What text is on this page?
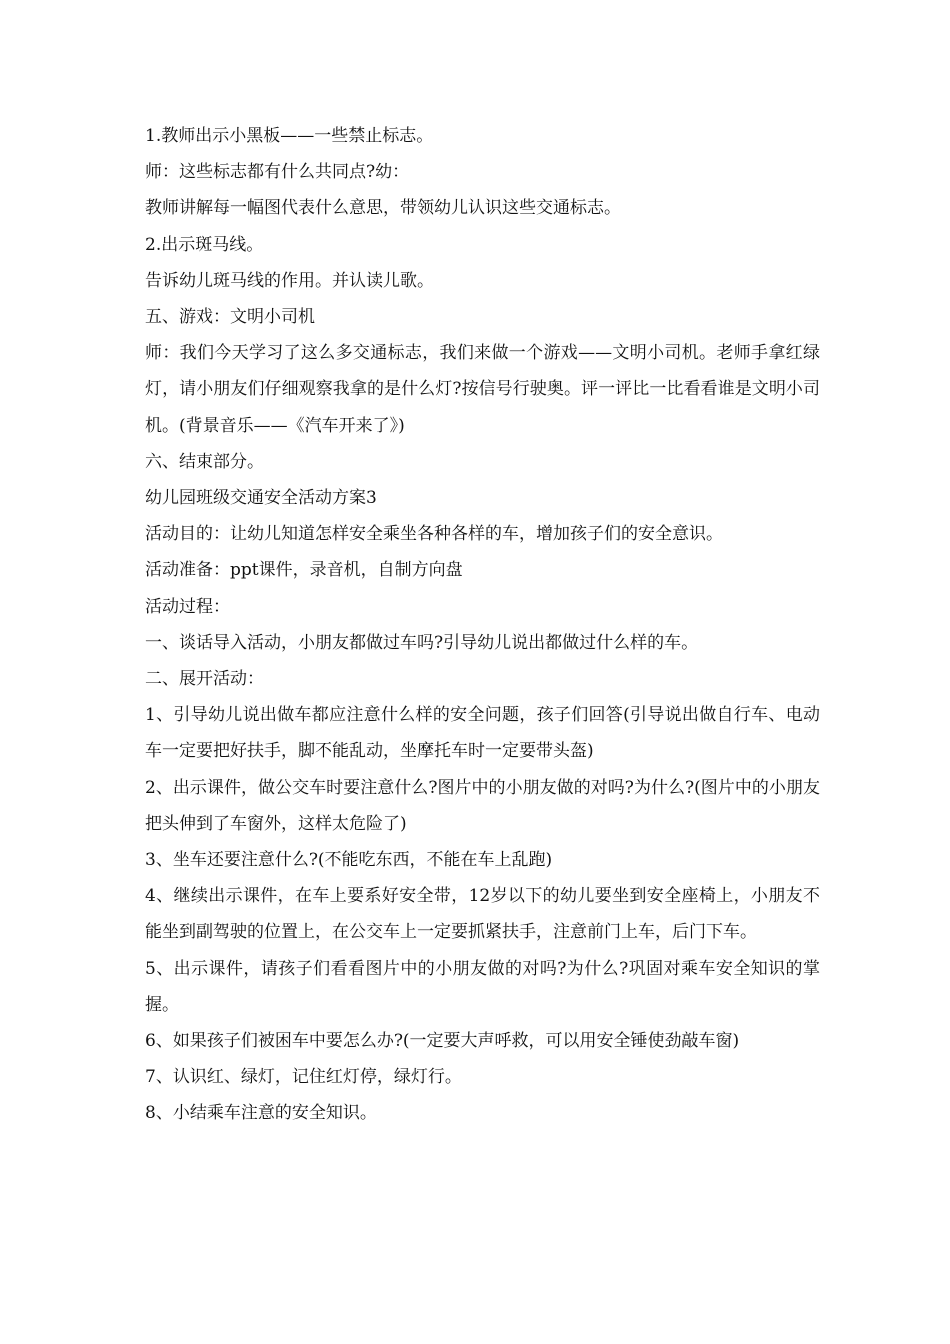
1.教师出示小黑板——一些禁止标志。

师：这些标志都有什么共同点?幼：

教师讲解每一幅图代表什么意思，带领幼儿认识这些交通标志。

2.出示斑马线。

告诉幼儿斑马线的作用。并认读儿歌。

五、游戏：文明小司机

师：我们今天学习了这么多交通标志，我们来做一个游戏——文明小司机。老师手拿红绿灯，请小朋友们仔细观察我拿的是什么灯?按信号行驶奥。评一评比一比看看谁是文明小司机。(背景音乐——《汽车开来了》)

六、结束部分。

幼儿园班级交通安全活动方案3

活动目的：让幼儿知道怎样安全乘坐各种各样的车，增加孩子们的安全意识。

活动准备：ppt课件，录音机，自制方向盘

活动过程：

一、谈话导入活动，小朋友都做过车吗?引导幼儿说出都做过什么样的车。

二、展开活动：

1、引导幼儿说出做车都应注意什么样的安全问题，孩子们回答(引导说出做自行车、电动车一定要把好扶手，脚不能乱动，坐摩托车时一定要带头盔)

2、出示课件，做公交车时要注意什么?图片中的小朋友做的对吗?为什么?(图片中的小朋友把头伸到了车窗外，这样太危险了)

3、坐车还要注意什么?(不能吃东西，不能在车上乱跑)

4、继续出示课件，在车上要系好安全带，12岁以下的幼儿要坐到安全座椅上，小朋友不能坐到副驾驶的位置上，在公交车上一定要抓紧扶手，注意前门上车，后门下车。

5、出示课件，请孩子们看看图片中的小朋友做的对吗?为什么?巩固对乘车安全知识的掌握。

6、如果孩子们被困车中要怎么办?(一定要大声呼救，可以用安全锤使劲敲车窗)

7、认识红、绿灯，记住红灯停，绿灯行。

8、小结乘车注意的安全知识。
